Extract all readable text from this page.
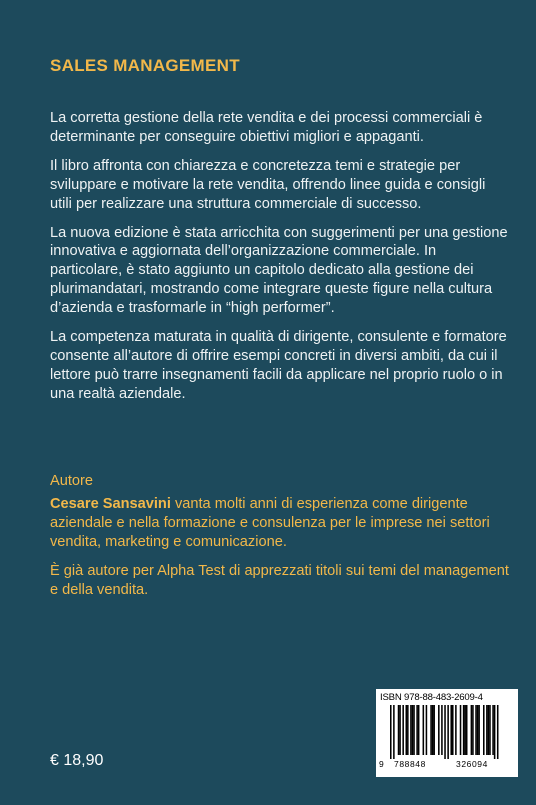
SALES MANAGEMENT

La corretta gestione della rete vendita e dei processi commerciali è determinante per conseguire obiettivi migliori e appaganti.

Il libro affronta con chiarezza e concretezza temi e strategie per sviluppare e motivare la rete vendita, offrendo linee guida e consigli utili per realizzare una struttura commerciale di successo.

La nuova edizione è stata arricchita con suggerimenti per una gestione innovativa e aggiornata dell’organizzazione commerciale. In particolare, è stato aggiunto un capitolo dedicato alla gestione dei plurimandatari, mostrando come integrare queste figure nella cultura d’azienda e trasformarle in “high performer”.

La competenza maturata in qualità di dirigente, consulente e formatore consente all’autore di offrire esempi concreti in diversi ambiti, da cui il lettore può trarre insegnamenti facili da applicare nel proprio ruolo o in una realtà aziendale.

Autore

Cesare Sansavini vanta molti anni di esperienza come dirigente aziendale e nella formazione e consulenza per le imprese nei settori vendita, marketing e comunicazione.

È già autore per Alpha Test di apprezzati titoli sui temi del management e della vendita.

ISBN 978-88-483-2609-4
9 788848	326094
€ 18,90
